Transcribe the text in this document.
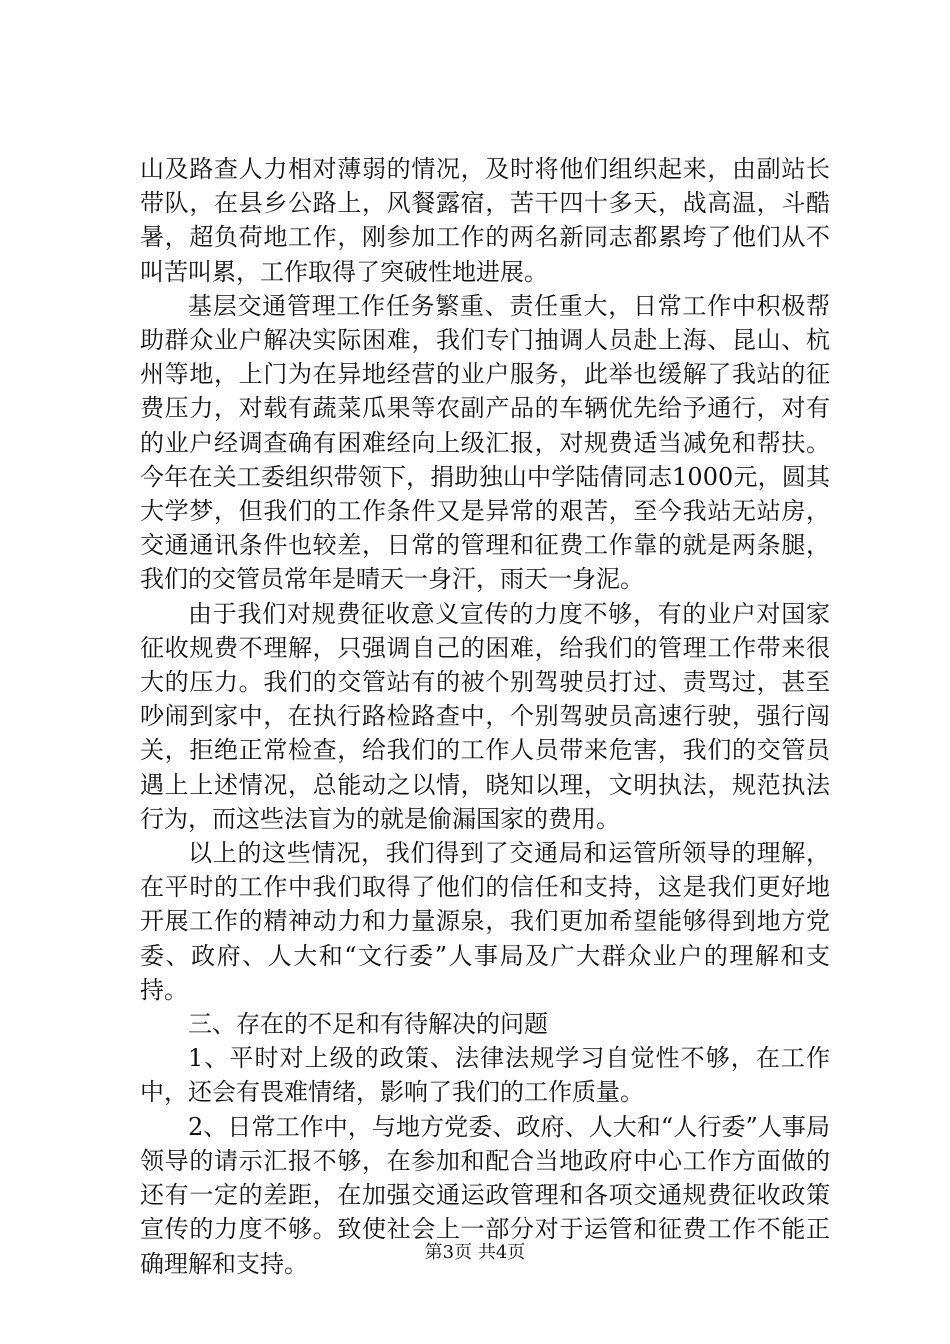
山及路查人力相对薄弱的情况，及时将他们组织起来，由副站长带队，在县乡公路上，风餐露宿，苦干四十多天，战高温，斗酷暑，超负荷地工作，刚参加工作的两名新同志都累垮了他们从不叫苦叫累，工作取得了突破性地进展。

基层交通管理工作任务繁重、责任重大，日常工作中积极帮助群众业户解决实际困难，我们专门抽调人员赴上海、昆山、杭州等地，上门为在异地经营的业户服务，此举也缓解了我站的征费压力，对载有蔬菜瓜果等农副产品的车辆优先给予通行，对有的业户经调查确有困难经向上级汇报，对规费适当减免和帮扶。今年在关工委组织带领下，捐助独山中学陆倩同志1000元，圆其大学梦，但我们的工作条件又是异常的艰苦，至今我站无站房，交通通讯条件也较差，日常的管理和征费工作靠的就是两条腿，我们的交管员常年是晴天一身汗，雨天一身泥。

由于我们对规费征收意义宣传的力度不够，有的业户对国家征收规费不理解，只强调自己的困难，给我们的管理工作带来很大的压力。我们的交管站有的被个别驾驶员打过、责骂过，甚至吵闹到家中，在执行路检路查中，个别驾驶员高速行驶，强行闯关，拒绝正常检查，给我们的工作人员带来危害，我们的交管员遇上上述情况，总能动之以情，晓知以理，文明执法，规范执法行为，而这些法盲为的就是偷漏国家的费用。

以上的这些情况，我们得到了交通局和运管所领导的理解，在平时的工作中我们取得了他们的信任和支持，这是我们更好地开展工作的精神动力和力量源泉，我们更加希望能够得到地方党委、政府、人大和“文行委”人事局及广大群众业户的理解和支持。

三、存在的不足和有待解决的问题

1、平时对上级的政策、法律法规学习自觉性不够，在工作中，还会有畏难情绪，影响了我们的工作质量。

2、日常工作中，与地方党委、政府、人大和“人行委”人事局领导的请示汇报不够，在参加和配合当地政府中心工作方面做的还有一定的差距，在加强交通运政管理和各项交通规费征收政策宣传的力度不够。致使社会上一部分对于运管和征费工作不能正确理解和支持。	第3页 共4页
